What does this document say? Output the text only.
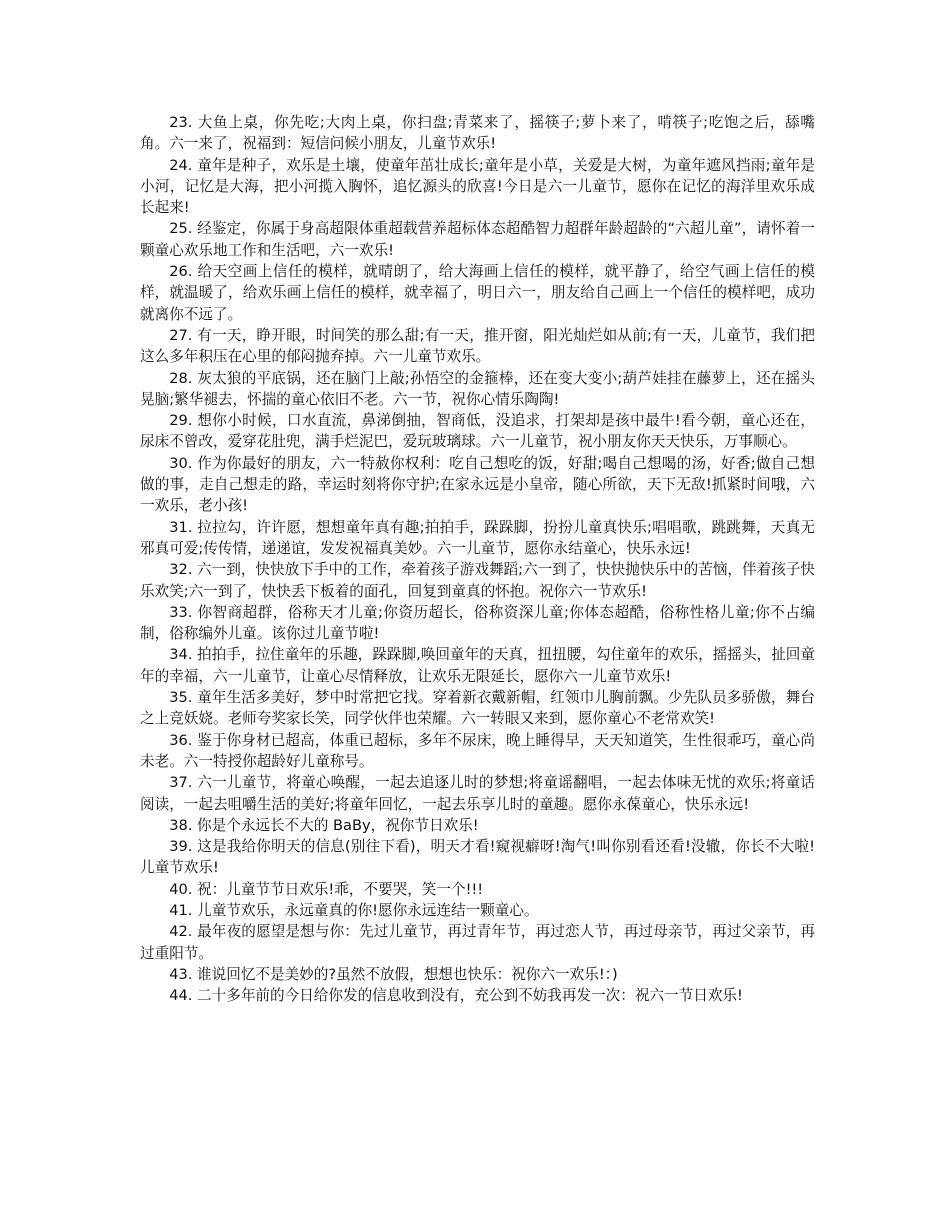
23. 大鱼上桌，你先吃;大肉上桌，你扫盘;青菜来了，摇筷子;萝卜来了，啃筷子;吃饱之后，舔嘴角。六一来了，祝福到：短信问候小朋友，儿童节欢乐!

24. 童年是种子，欢乐是土壤，使童年茁壮成长;童年是小草，关爱是大树，为童年遮风挡雨;童年是小河，记忆是大海，把小河揽入胸怀，追忆源头的欣喜!今日是六一儿童节，愿你在记忆的海洋里欢乐成长起来!

25. 经鉴定，你属于身高超限体重超载营养超标体态超酷智力超群年龄超龄的“六超儿童”，请怀着一颗童心欢乐地工作和生活吧，六一欢乐!

26. 给天空画上信任的模样，就晴朗了，给大海画上信任的模样，就平静了，给空气画上信任的模样，就温暖了，给欢乐画上信任的模样，就幸福了，明日六一，朋友给自己画上一个信任的模样吧，成功就离你不远了。

27. 有一天，睁开眼，时间笑的那么甜;有一天，推开窗，阳光灿烂如从前;有一天，儿童节，我们把这么多年积压在心里的郁闷抛弃掉。六一儿童节欢乐。

28. 灰太狼的平底锅，还在脑门上敲;孙悟空的金箍棒，还在变大变小;葫芦娃挂在藤萝上，还在摇头晃脑;繁华褪去，怀揣的童心依旧不老。六一节，祝你心情乐陶陶!

29. 想你小时候，口水直流，鼻涕倒抽，智商低，没追求，打架却是孩中最牛!看今朝，童心还在，尿床不曾改，爱穿花肚兜，满手烂泥巴，爱玩玻璃球。六一儿童节，祝小朋友你天天快乐，万事顺心。

30. 作为你最好的朋友，六一特赦你权利：吃自己想吃的饭，好甜;喝自己想喝的汤，好香;做自己想做的事，走自己想走的路，幸运时刻将你守护;在家永远是小皇帝，随心所欲，天下无敌!抓紧时间哦，六一欢乐，老小孩!

31. 拉拉勾，许许愿，想想童年真有趣;拍拍手，跺跺脚，扮扮儿童真快乐;唱唱歌，跳跳舞，天真无邪真可爱;传传情，递递谊，发发祝福真美妙。六一儿童节，愿你永结童心，快乐永远!

32. 六一到，快快放下手中的工作，牵着孩子游戏舞蹈;六一到了，快快抛快乐中的苦恼，伴着孩子快乐欢笑;六一到了，快快丢下板着的面孔，回复到童真的怀抱。祝你六一节欢乐!

33. 你智商超群，俗称天才儿童;你资历超长，俗称资深儿童;你体态超酷，俗称性格儿童;你不占编制，俗称编外儿童。该你过儿童节啦!

34. 拍拍手，拉住童年的乐趣，跺跺脚,唤回童年的天真，扭扭腰，勾住童年的欢乐，摇摇头，扯回童年的幸福，六一儿童节，让童心尽情释放，让欢乐无限延长，愿你六一儿童节欢乐!

35. 童年生活多美好，梦中时常把它找。穿着新衣戴新帽，红领巾儿胸前飘。少先队员多骄傲，舞台之上竞妖娆。老师夸奖家长笑，同学伙伴也荣耀。六一转眼又来到，愿你童心不老常欢笑!

36. 鉴于你身材已超高，体重已超标，多年不尿床，晚上睡得早，天天知道笑，生性很乖巧，童心尚未老。六一特授你超龄好儿童称号。

37. 六一儿童节，将童心唤醒，一起去追逐儿时的梦想;将童谣翻唱，一起去体味无忧的欢乐;将童话阅读，一起去咀嚼生活的美好;将童年回忆，一起去乐享儿时的童趣。愿你永葆童心，快乐永远!

38. 你是个永远长不大的 BaBy，祝你节日欢乐!

39. 这是我给你明天的信息(别往下看)，明天才看!窥视癖呀!淘气!叫你别看还看!没辙，你长不大啦!儿童节欢乐!

40. 祝：儿童节节日欢乐!乖，不要哭，笑一个!!!

41. 儿童节欢乐，永远童真的你!愿你永远连结一颗童心。

42. 最年夜的愿望是想与你：先过儿童节，再过青年节，再过恋人节，再过母亲节，再过父亲节，再过重阳节。

43. 谁说回忆不是美妙的?虽然不放假，想想也快乐：祝你六一欢乐!：)

44. 二十多年前的今日给你发的信息收到没有，充公到不妨我再发一次：祝六一节日欢乐!
